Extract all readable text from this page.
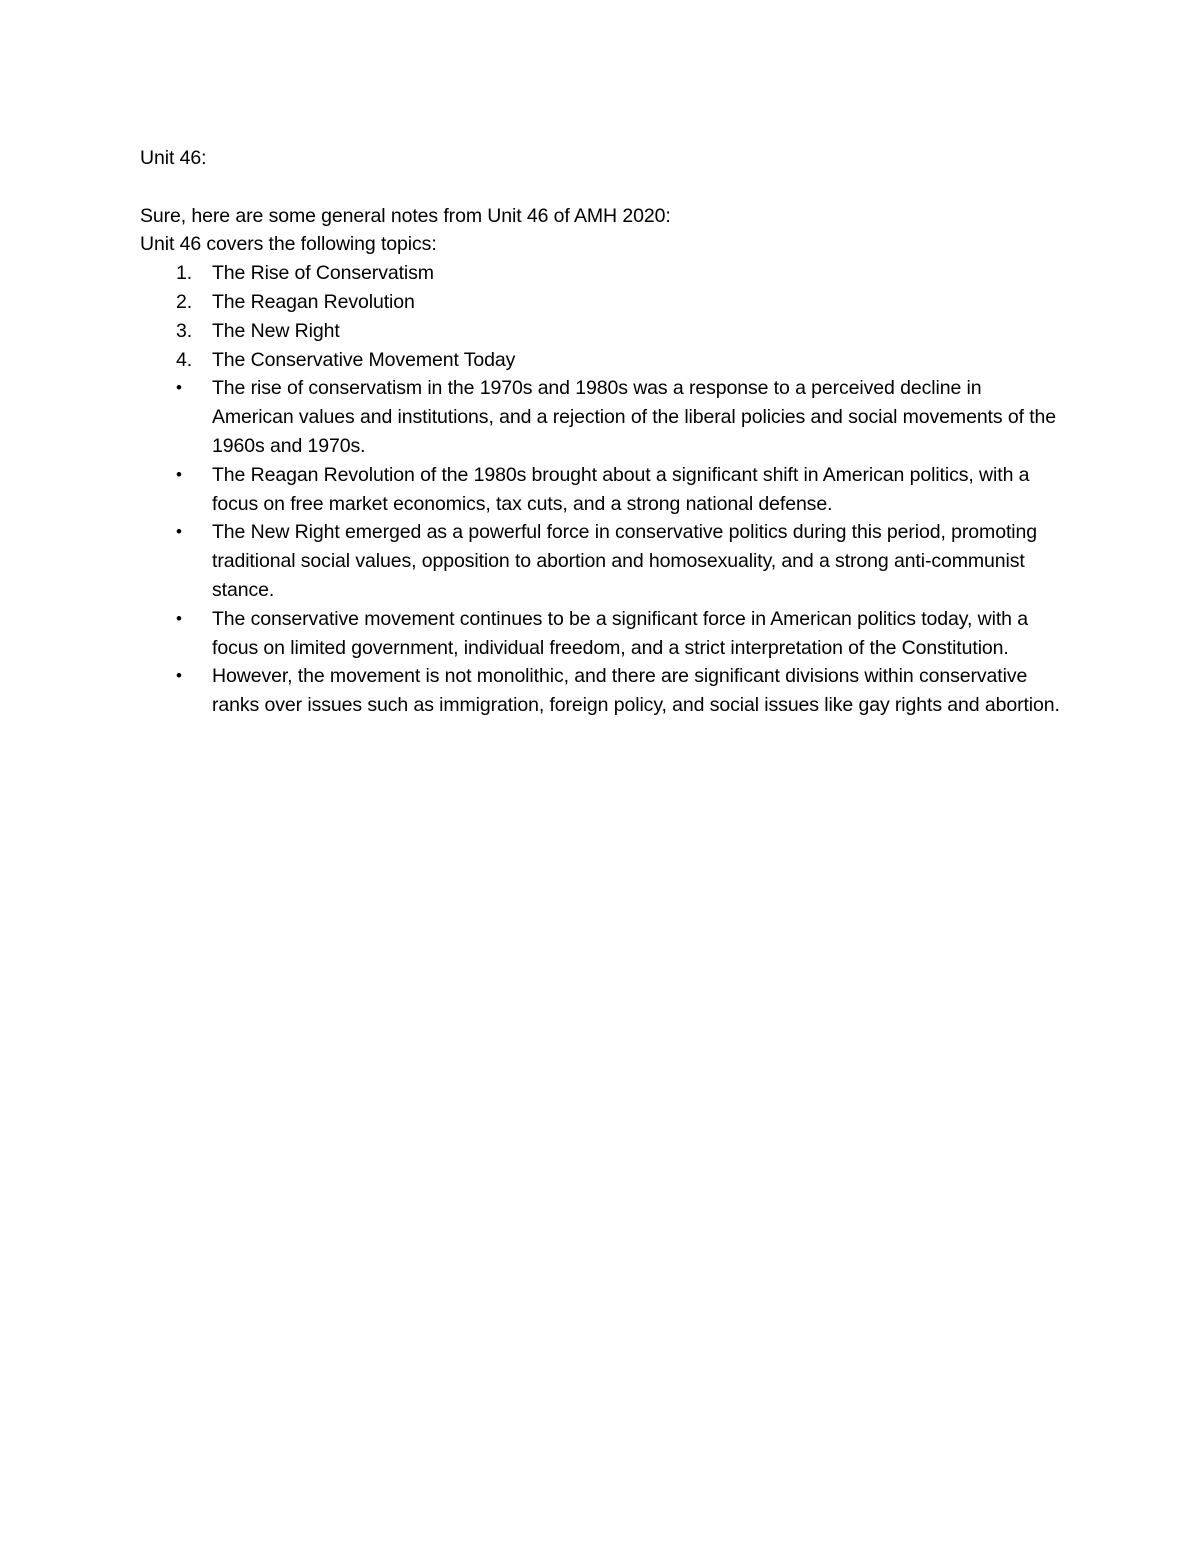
Unit 46:

Sure, here are some general notes from Unit 46 of AMH 2020:

Unit 46 covers the following topics:

1. The Rise of Conservatism
2. The Reagan Revolution
3. The New Right
4. The Conservative Movement Today
• The rise of conservatism in the 1970s and 1980s was a response to a perceived decline in American values and institutions, and a rejection of the liberal policies and social movements of the 1960s and 1970s.
• The Reagan Revolution of the 1980s brought about a significant shift in American politics, with a focus on free market economics, tax cuts, and a strong national defense.
• The New Right emerged as a powerful force in conservative politics during this period, promoting traditional social values, opposition to abortion and homosexuality, and a strong anti-communist stance.
• The conservative movement continues to be a significant force in American politics today, with a focus on limited government, individual freedom, and a strict interpretation of the Constitution.
• However, the movement is not monolithic, and there are significant divisions within conservative ranks over issues such as immigration, foreign policy, and social issues like gay rights and abortion.
